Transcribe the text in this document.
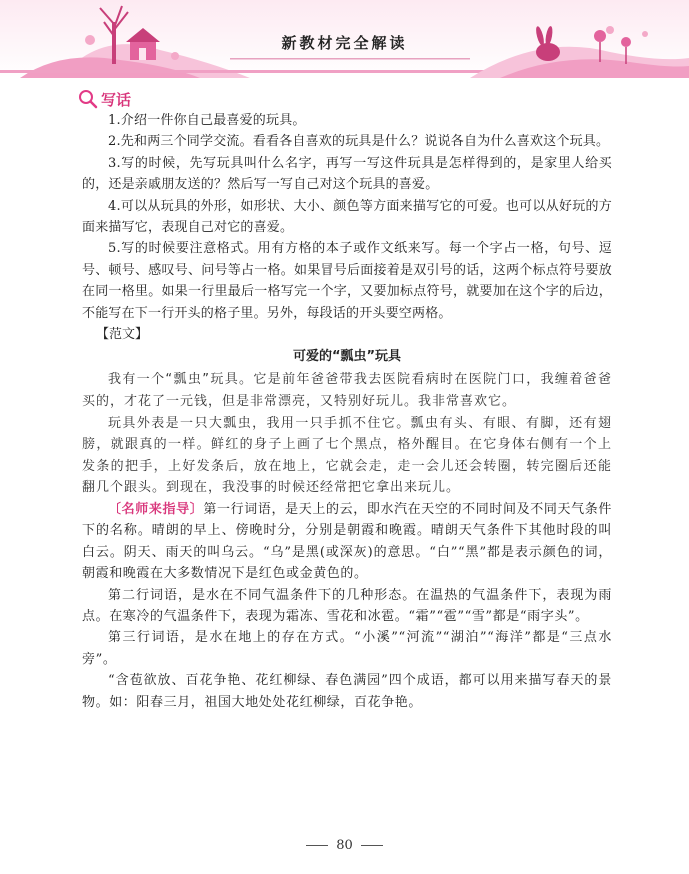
新教材完全解读
写话

1.介绍一件你自己最喜爱的玩具。

2.先和两三个同学交流。看看各自喜欢的玩具是什么？说说各自为什么喜欢这个玩具。

3.写的时候，先写玩具叫什么名字，再写一写这件玩具是怎样得到的，是家里人给买的，还是亲戚朋友送的？然后写一写自己对这个玩具的喜爱。

4.可以从玩具的外形，如形状、大小、颜色等方面来描写它的可爱。也可以从好玩的方面来描写它，表现自己对它的喜爱。

5.写的时候要注意格式。用有方格的本子或作文纸来写。每一个字占一格，句号、逗号、顿号、感叹号、问号等占一格。如果冒号后面接着是双引号的话，这两个标点符号要放在同一格里。如果一行里最后一格写完一个字，又要加标点符号，就要加在这个字的后边，不能写在下一行开头的格子里。另外，每段话的开头要空两格。

【范文】
可爱的“瓢虫”玩具

我有一个“瓢虫”玩具。它是前年爸爸带我去医院看病时在医院门口，我缠着爸爸买的，才花了一元钱，但是非常漂亮，又特别好玩儿。我非常喜欢它。

玩具外表是一只大瓢虫，我用一只手抓不住它。瓢虫有头、有眼、有脚，还有翅膀，就跟真的一样。鲜红的身子上画了七个黑点，格外醒目。在它身体右侧有一个上发条的把手，上好发条后，放在地上，它就会走，走一会儿还会转圈，转完圈后还能翻几个跟头。到现在，我没事的时候还经常把它拿出来玩儿。

〔名师来指导〕第一行词语，是天上的云，即水汽在天空的不同时间及不同天气条件下的名称。晴朗的早上、傍晚时分，分别是朝霞和晚霞。晴朗天气条件下其他时段的叫白云。阴天、雨天的叫乌云。“乌”是黑(或深灰)的意思。“白”“黑”都是表示颜色的词，朝霞和晚霞在大多数情况下是红色或金黄色的。

第二行词语，是水在不同气温条件下的几种形态。在温热的气温条件下，表现为雨点。在寒冷的气温条件下，表现为霜冻、雪花和冰雹。“霜”“雹”“雪”都是“雨字头”。

第三行词语，是水在地上的存在方式。“小溪”“河流”“湖泊”“海洋”都是“三点水旁”。

“含苞欲放、百花争艳、花红柳绿、春色满园”四个成语，都可以用来描写春天的景物。如：阳春三月，祖国大地处处花红柳绿，百花争艳。

80
